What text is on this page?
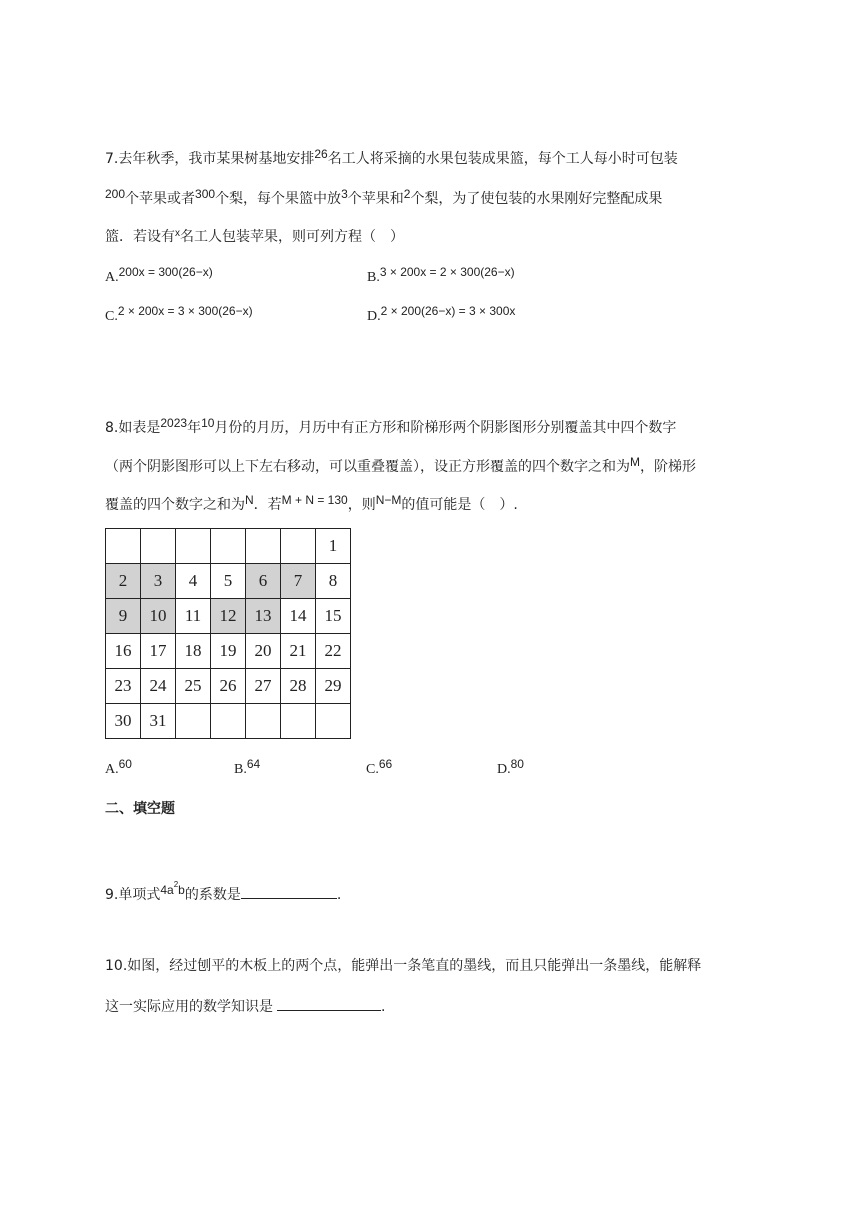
7.去年秋季，我市某果树基地安排26名工人将采摘的水果包装成果篮，每个工人每小时可包装
200个苹果或者300个梨，每个果篮中放3个苹果和2个梨，为了使包装的水果刚好完整配成果
篮．若设有$^x$名工人包装苹果，则可列方程（　）
A.200x = 300(26−x)	B.3 × 200x = 2 × 300(26−x)
C.2 × 200x = 3 × 300(26−x)	D.2 × 200(26−x) = 3 × 300x
8.如表是2023年10月份的月历，月历中有正方形和阶梯形两个阴影图形分别覆盖其中四个数字
（两个阴影图形可以上下左右移动，可以重叠覆盖），设正方形覆盖的四个数字之和为M，阶梯形
覆盖的四个数字之和为N．若M + N = 130，则N−M的值可能是（　）.
						1
2	3	4	5	6	7	8
9	10	11	12	13	14	15
16	17	18	19	20	21	22
23	24	25	26	27	28	29
30	31					
A.60	B.64	C.66	D.80
二、填空题
9.单项式$4a^2b$的系数是	.
10.如图，经过刨平的木板上的两个点，能弹出一条笔直的墨线，而且只能弹出一条墨线，能解释
这一实际应用的数学知识是	.
